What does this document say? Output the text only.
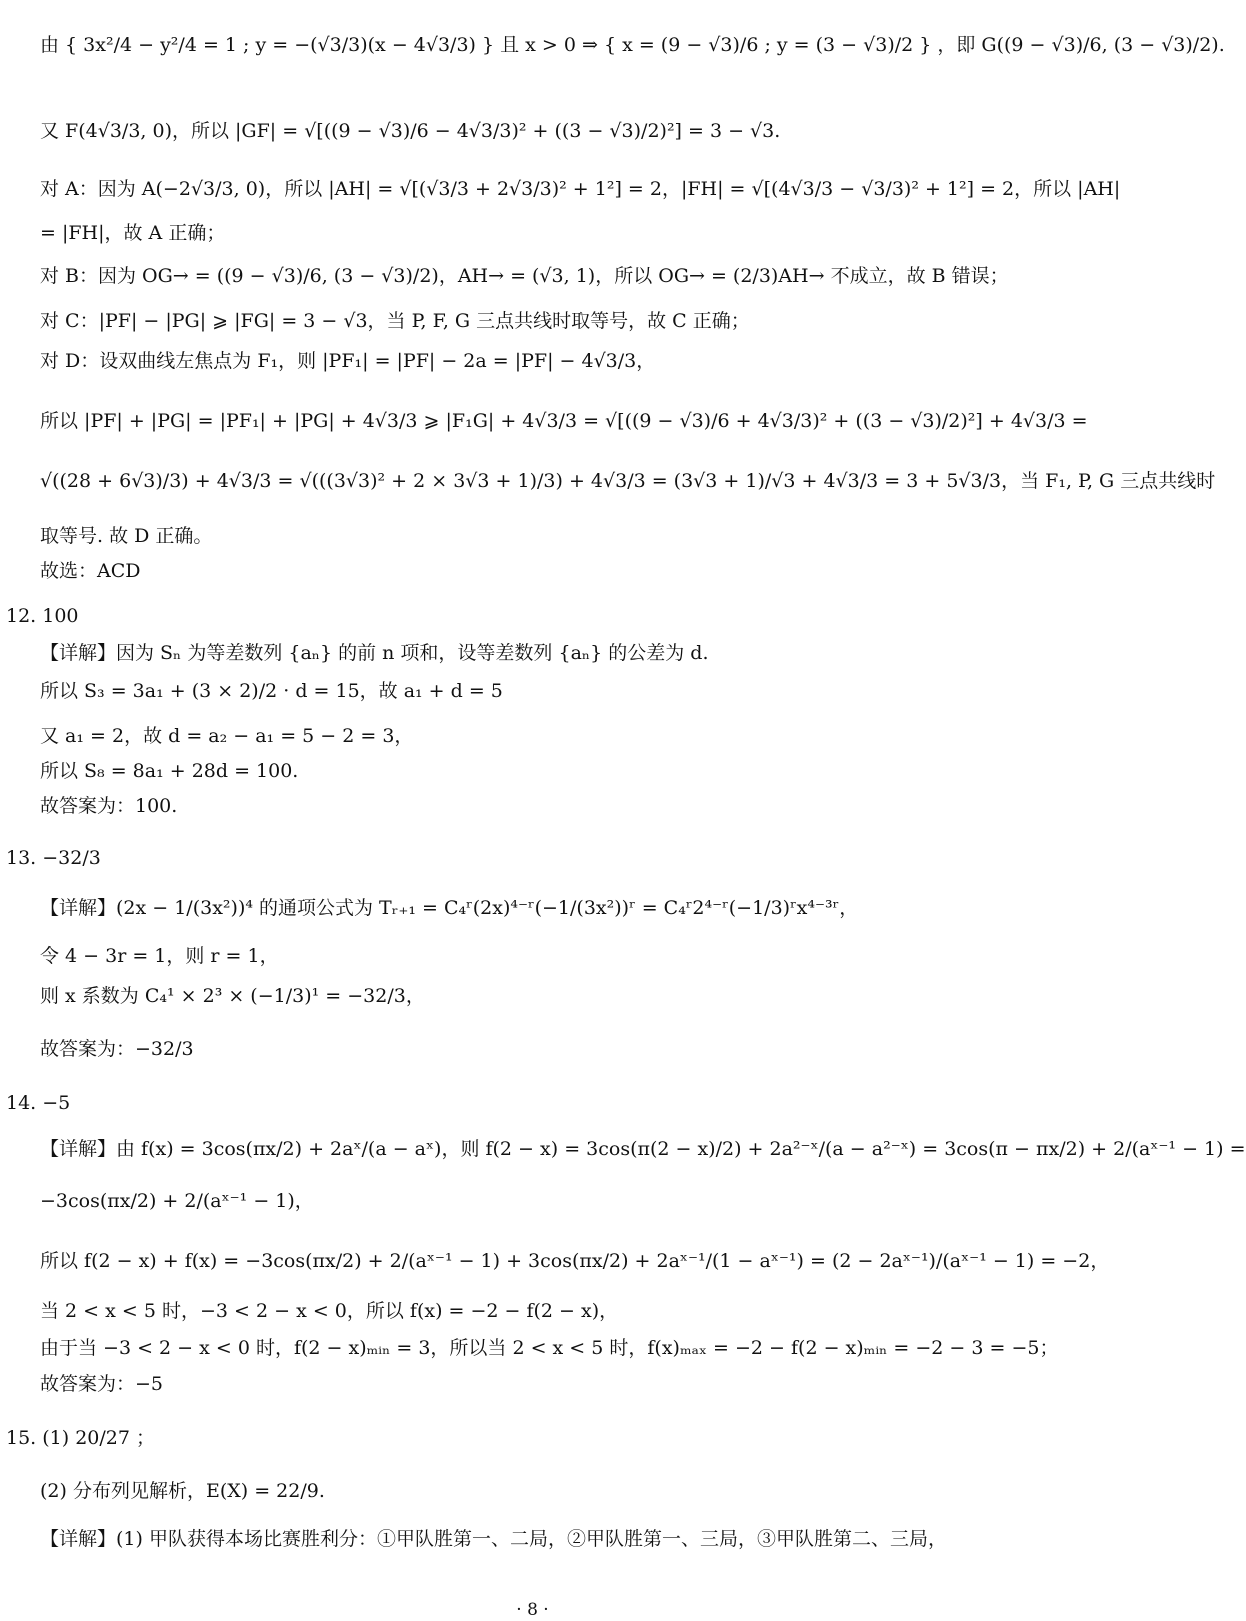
由 { 3x²/4 − y²/4 = 1 ; y = −(√3/3)(x − 4√3/3) } 且 x > 0 ⇒ { x = (9 − √3)/6 ; y = (3 − √3)/2 } ，即 G((9 − √3)/6, (3 − √3)/2).
又 F(4√3/3, 0)，所以 |GF| = √[((9 − √3)/6 − 4√3/3)² + ((3 − √3)/2)²] = 3 − √3.
对 A：因为 A(−2√3/3, 0)，所以 |AH| = √[(√3/3 + 2√3/3)² + 1²] = 2，|FH| = √[(4√3/3 − √3/3)² + 1²] = 2，所以 |AH|
= |FH|，故 A 正确；
对 B：因为 OG→ = ((9 − √3)/6, (3 − √3)/2)，AH→ = (√3, 1)，所以 OG→ = (2/3)AH→ 不成立，故 B 错误；
对 C：|PF| − |PG| ⩾ |FG| = 3 − √3，当 P, F, G 三点共线时取等号，故 C 正确；
对 D：设双曲线左焦点为 F₁，则 |PF₁| = |PF| − 2a = |PF| − 4√3/3，
所以 |PF| + |PG| = |PF₁| + |PG| + 4√3/3 ⩾ |F₁G| + 4√3/3 = √[((9 − √3)/6 + 4√3/3)² + ((3 − √3)/2)²] + 4√3/3 =
√((28 + 6√3)/3) + 4√3/3 = √(((3√3)² + 2 × 3√3 + 1)/3) + 4√3/3 = (3√3 + 1)/√3 + 4√3/3 = 3 + 5√3/3，当 F₁, P, G 三点共线时
取等号. 故 D 正确。
故选：ACD
12. 100
【详解】因为 Sₙ 为等差数列 {aₙ} 的前 n 项和，设等差数列 {aₙ} 的公差为 d.
所以 S₃ = 3a₁ + (3 × 2)/2 · d = 15，故 a₁ + d = 5
又 a₁ = 2，故 d = a₂ − a₁ = 5 − 2 = 3，
所以 S₈ = 8a₁ + 28d = 100.
故答案为：100.
13. −32/3
【详解】(2x − 1/(3x²))⁴ 的通项公式为 Tᵣ₊₁ = C₄ʳ(2x)⁴⁻ʳ(−1/(3x²))ʳ = C₄ʳ2⁴⁻ʳ(−1/3)ʳx⁴⁻³ʳ，
令 4 − 3r = 1，则 r = 1，
则 x 系数为 C₄¹ × 2³ × (−1/3)¹ = −32/3，
故答案为：−32/3
14. −5
【详解】由 f(x) = 3cos(πx/2) + 2aˣ/(a − aˣ)，则 f(2 − x) = 3cos(π(2 − x)/2) + 2a²⁻ˣ/(a − a²⁻ˣ) = 3cos(π − πx/2) + 2/(aˣ⁻¹ − 1) =
−3cos(πx/2) + 2/(aˣ⁻¹ − 1)，
所以 f(2 − x) + f(x) = −3cos(πx/2) + 2/(aˣ⁻¹ − 1) + 3cos(πx/2) + 2aˣ⁻¹/(1 − aˣ⁻¹) = (2 − 2aˣ⁻¹)/(aˣ⁻¹ − 1) = −2，
当 2 < x < 5 时，−3 < 2 − x < 0，所以 f(x) = −2 − f(2 − x)，
由于当 −3 < 2 − x < 0 时，f(2 − x)ₘᵢₙ = 3，所以当 2 < x < 5 时，f(x)ₘₐₓ = −2 − f(2 − x)ₘᵢₙ = −2 − 3 = −5；
故答案为：−5
15. (1) 20/27 ；
(2) 分布列见解析，E(X) = 22/9.
【详解】(1) 甲队获得本场比赛胜利分：①甲队胜第一、二局，②甲队胜第一、三局，③甲队胜第二、三局，
· 8 ·
